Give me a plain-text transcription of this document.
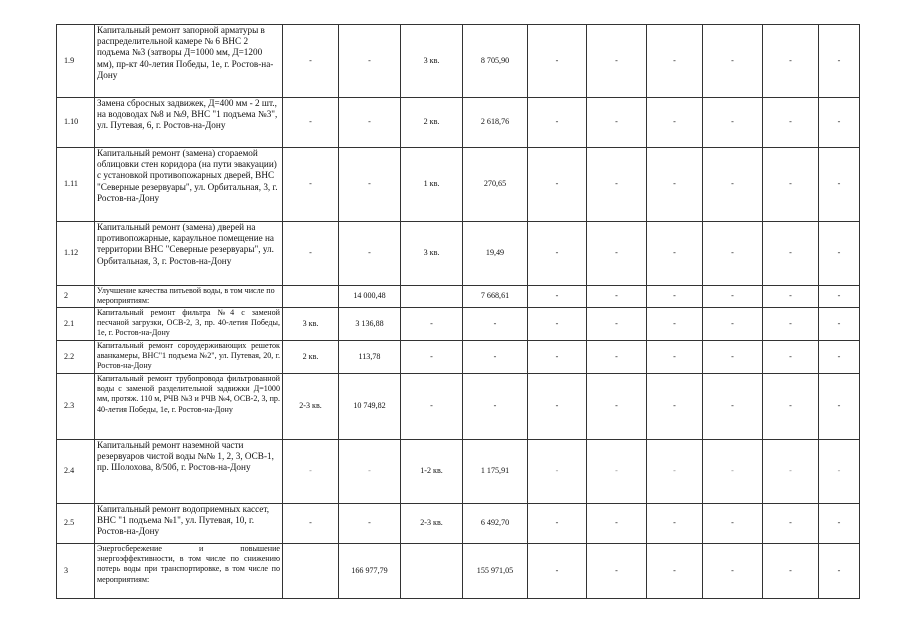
1.9	Капитальный ремонт запорной арматуры в распределительной камере № 6 ВНС 2 подъема №3 (затворы Д=1000 мм, Д=1200 мм), пр-кт 40-летия Победы, 1е, г. Ростов-на-Дону	-	-	3 кв.	8 705,90	-	-	-	-	-	-
1.10	Замена сбросных задвижек, Д=400 мм - 2 шт., на водоводах №8 и №9, ВНС "1 подъема №3", ул. Путевая, 6, г. Ростов-на-Дону	-	-	2 кв.	2 618,76	-	-	-	-	-	-
1.11	Капитальный ремонт (замена) сгораемой облицовки стен коридора (на пути эвакуации) с установкой противопожарных дверей, ВНС "Северные резервуары", ул. Орбитальная, 3, г. Ростов-на-Дону	-	-	1 кв.	270,65	-	-	-	-	-	-
1.12	Капитальный ремонт (замена) дверей на противопожарные, караульное помещение на территории ВНС "Северные резервуары", ул. Орбитальная, 3, г. Ростов-на-Дону	-	-	3 кв.	19,49	-	-	-	-	-	-
2	Улучшение качества питьевой воды, в том числе по мероприятиям:		14 000,48		7 668,61	-	-	-	-	-	-
2.1	Капитальный ремонт фильтра №4 с заменой песчаной загрузки, ОСВ-2, 3, пр. 40-летия Победы, 1е, г. Ростов-на-Дону	3 кв.	3 136,88	-	-	-	-	-	-	-	-
2.2	Капитальный ремонт сороудерживающих решеток аванкамеры, ВНС"1 подъема №2", ул. Путевая, 20, г. Ростов-на-Дону	2 кв.	113,78	-	-	-	-	-	-	-	-
2.3	Капитальный ремонт трубопровода фильтрованной воды с заменой разделительной задвижки Д=1000 мм, протяж. 110 м, РЧВ №3 и РЧВ №4, ОСВ-2, 3, пр. 40-летия Победы, 1е, г. Ростов-на-Дону	2-3 кв.	10 749,82	-	-	-	-	-	-	-	-
2.4	Капитальный ремонт наземной части резервуаров чистой воды №№ 1, 2, 3, ОСВ-1, пр. Шолохова, 8/50б, г. Ростов-на-Дону	-	-	1-2 кв.	1 175,91	-	-	-	-	-	-
2.5	Капитальный ремонт водоприемных кассет, ВНС "1 подъема №1", ул. Путевая, 10, г. Ростов-на-Дону	-	-	2-3 кв.	6 492,70	-	-	-	-	-	-
3	Энергосбережение и повышение энергоэффективности, в том числе по снижению потерь воды при транспортировке, в том числе по мероприятиям:		166 977,79		155 971,05	-	-	-	-	-	-
